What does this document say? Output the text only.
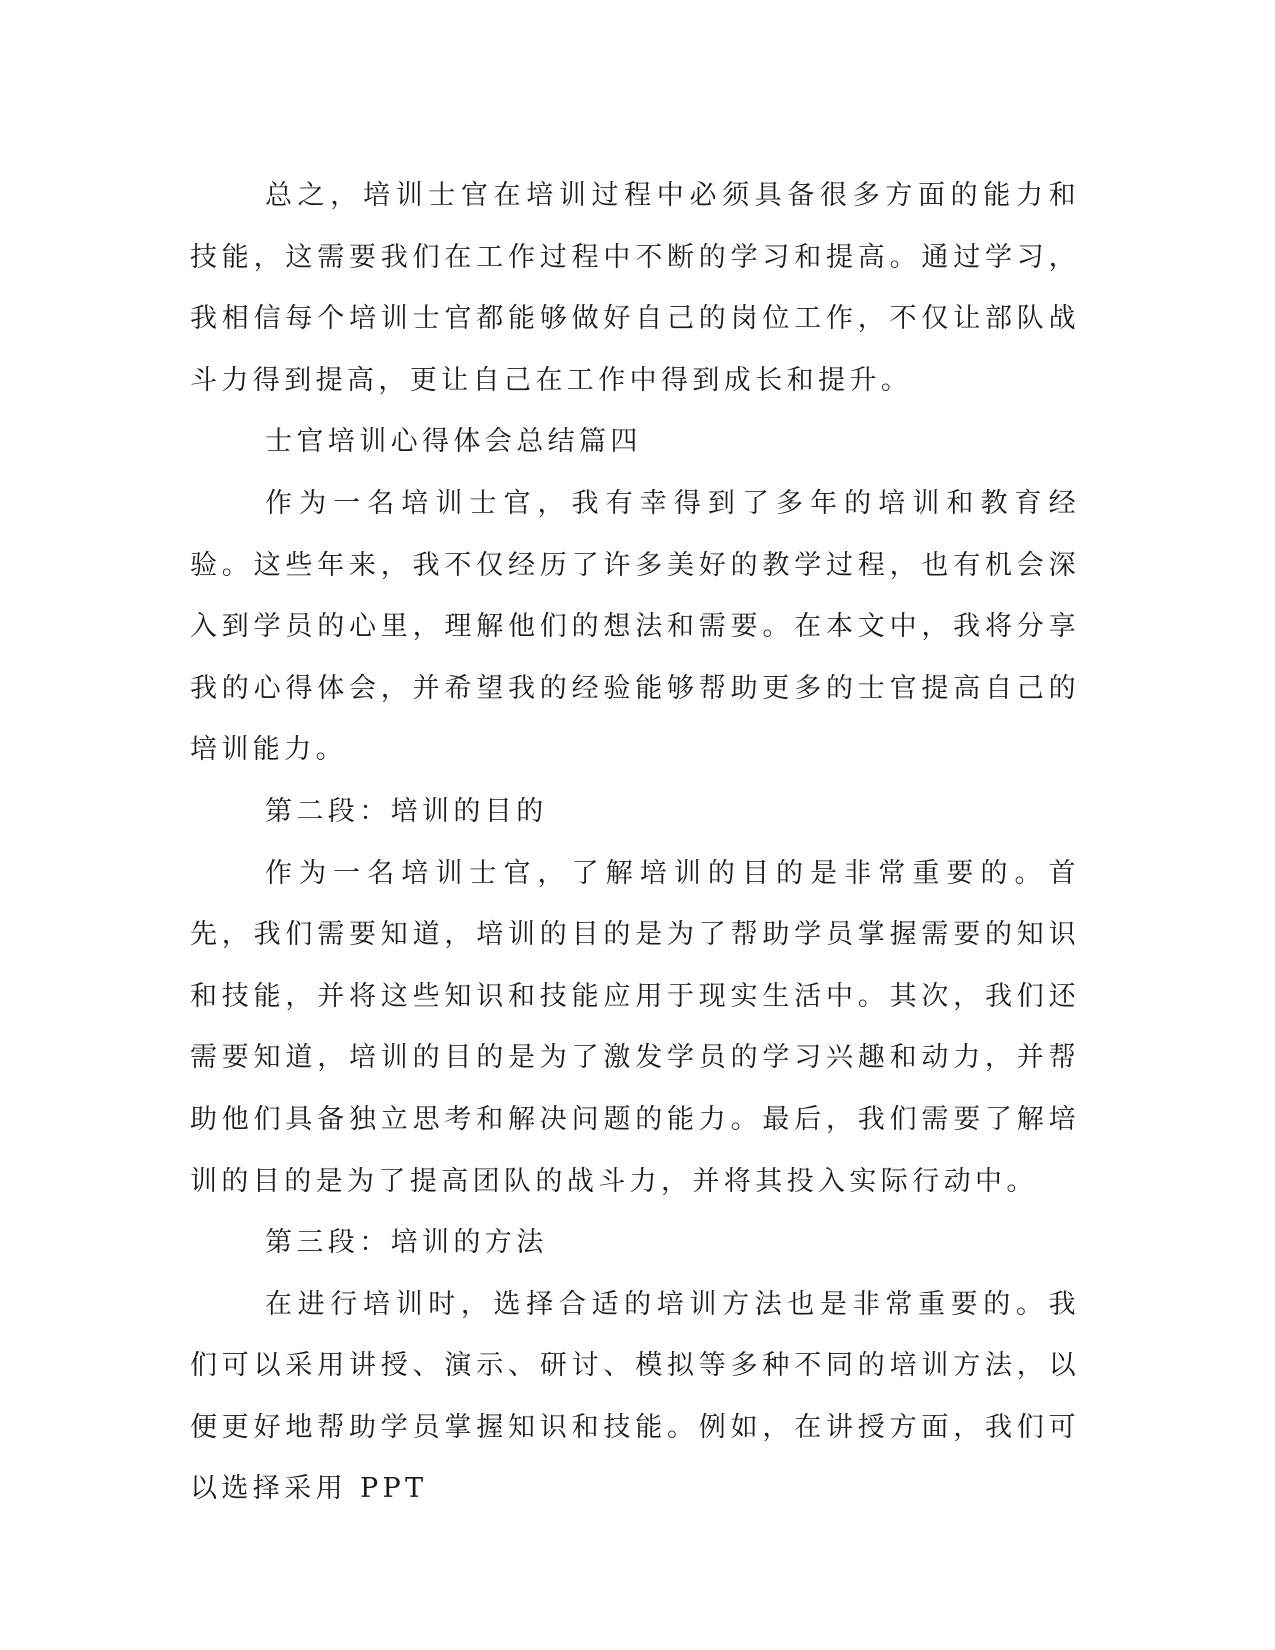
总之，培训士官在培训过程中必须具备很多方面的能力和技能，这需要我们在工作过程中不断的学习和提高。通过学习，我相信每个培训士官都能够做好自己的岗位工作，不仅让部队战斗力得到提高，更让自己在工作中得到成长和提升。

士官培训心得体会总结篇四

作为一名培训士官，我有幸得到了多年的培训和教育经验。这些年来，我不仅经历了许多美好的教学过程，也有机会深入到学员的心里，理解他们的想法和需要。在本文中，我将分享我的心得体会，并希望我的经验能够帮助更多的士官提高自己的培训能力。

第二段：培训的目的

作为一名培训士官，了解培训的目的是非常重要的。首先，我们需要知道，培训的目的是为了帮助学员掌握需要的知识和技能，并将这些知识和技能应用于现实生活中。其次，我们还需要知道，培训的目的是为了激发学员的学习兴趣和动力，并帮助他们具备独立思考和解决问题的能力。最后，我们需要了解培训的目的是为了提高团队的战斗力，并将其投入实际行动中。

第三段：培训的方法

在进行培训时，选择合适的培训方法也是非常重要的。我们可以采用讲授、演示、研讨、模拟等多种不同的培训方法，以便更好地帮助学员掌握知识和技能。例如，在讲授方面，我们可以选择采用 PPT
